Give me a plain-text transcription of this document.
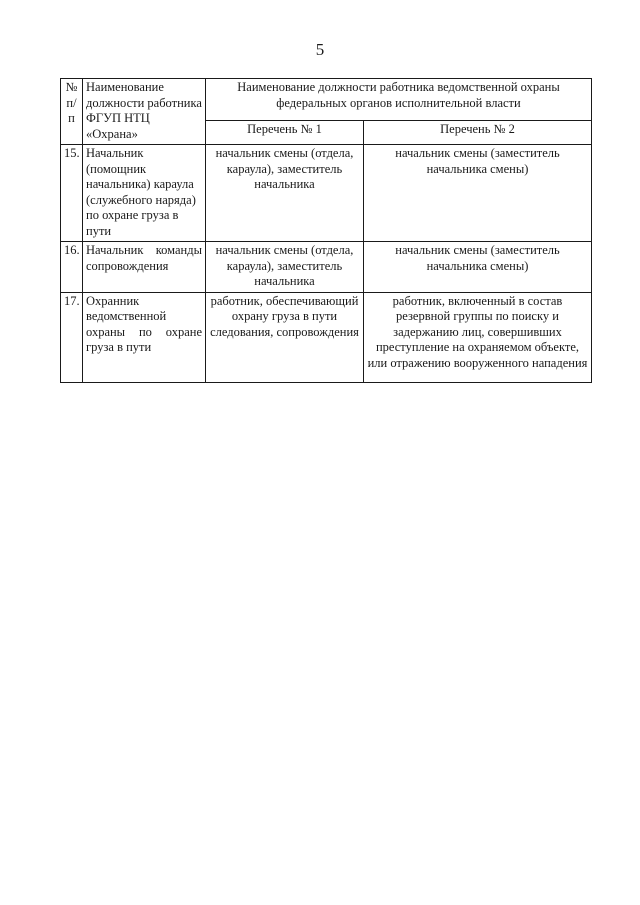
5
№ п/п	Наименование должности работника ФГУП НТЦ «Охрана»	Наименование должности работника ведомственной охраны федеральных органов исполнительной власти	
		Перечень № 1	Перечень № 2
15.	Начальник (помощник начальника) караула (служебного наряда) по охране груза в пути	начальник смены (отдела, караула), заместитель начальника	начальник смены (заместитель начальника смены)
16.	Начальник команды сопровождения	начальник смены (отдела, караула), заместитель начальника	начальник смены (заместитель начальника смены)
17.	Охранник ведомственной охраны по охране груза в пути	работник, обеспечивающий охрану груза в пути следования, сопровождения	работник, включенный в состав резервной группы по поиску и задержанию лиц, совершивших преступление на охраняемом объекте, или отражению вооруженного нападения
